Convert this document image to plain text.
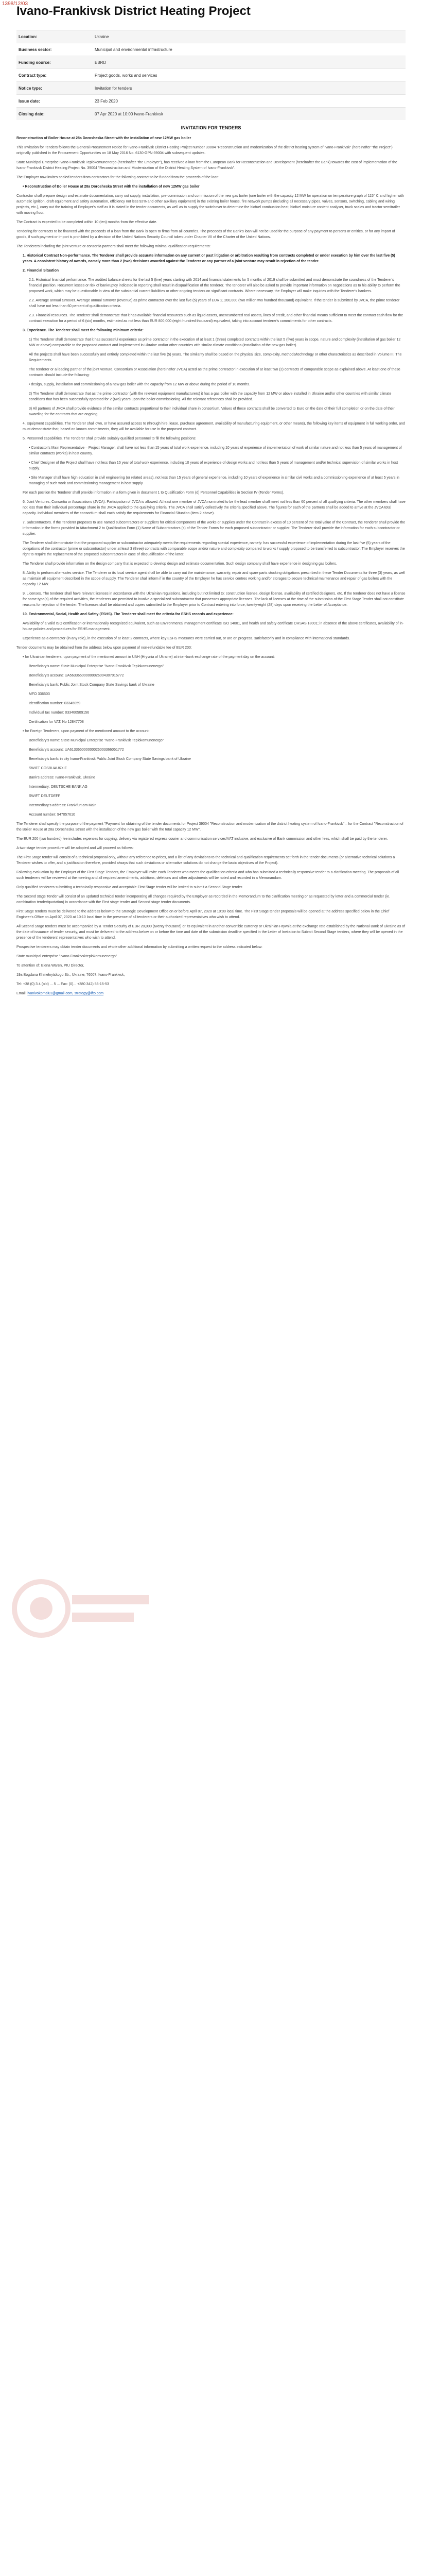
1398/12/03
Ivano-Frankivsk District Heating Project
Location:	Ukraine
Business sector:	Municipal and environmental infrastructure
Funding source:	EBRD
Contract type:	Project goods, works and services
Notice type:	Invitation for tenders
Issue date:	23 Feb 2020
Closing date:	07 Apr 2020 at 10:00 Ivano-Frankivsk
INVITATION FOR TENDERS

Reconstruction of Boiler House at 28a Dorosheska Street with the installation of new 12MW gas boiler

This Invitation for Tenders follows the General Procurement Notice for Ivano-Frankivsk District Heating Project number 39004 "Reconstruction and modernization of the district heating system of Ivano-Frankivsk" (hereinafter "the Project") originally published in the Procurement Opportunities on 18 May 2016 No. 6130-GPN-39004 with subsequent updates.

State Municipal Enterprise Ivano-Frankivsk Teplokomunenergo (hereinafter "the Employer"), has received a loan from the European Bank for Reconstruction and Development (hereinafter the Bank) towards the cost of implementation of the Ivano-Frankivsk District Heating Project No. 39004 "Reconstruction and Modernization of the District Heating System of Ivano-Frankivsk".

The Employer now invites sealed tenders from contractors for the following contract to be funded from the proceeds of the loan:

• Reconstruction of Boiler House at 28a Dorosheska Street with the installation of new 12MW gas boiler

Contractor shall prepare design and estimate documentation, carry out supply, installation, pre-commission and commission of the new gas boiler (one boiler with the capacity 12 MW for operation on temperature graph of 115° C and higher with automatic ignition, draft equipment and safety automation, efficiency not less 92% and other auxiliary equipment) in the existing boiler house, fire network pumps (including all necessary pipes, valves, sensors, switching, cabling and wiring projects, etc.), carry out the training of Employer's staff as it is stated in the tender documents, as well as to supply the switchover to determine the biofuel combustion heat, biofuel moisture content analyser, truck scales and tractor semitrailer with moving floor.

The Contract is expected to be completed within 10 (ten) months from the effective date.

Tendering for contracts to be financed with the proceeds of a loan from the Bank is open to firms from all countries. The proceeds of the Bank's loan will not be used for the purpose of any payment to persons or entities, or for any import of goods, if such payment or import is prohibited by a decision of the United Nations Security Council taken under Chapter VII of the Charter of the United Nations.

The Tenderers including the joint venture or consortia partners shall meet the following minimal qualification requirements:

1. Historical Contract Non-performance. The Tenderer shall provide accurate information on any current or past litigation or arbitration resulting from contracts completed or under execution by him over the last five (5) years. A consistent history of awards, namely more than 2 (two) decisions awarded against the Tenderer or any partner of a joint venture may result in rejection of the tender.

2. Financial Situation

2.1. Historical financial performance. The audited balance sheets for the last 5 (five) years starting with 2014 and financial statements for 5 months of 2019 shall be submitted and must demonstrate the soundness of the Tenderer's financial position. Recurrent losses or risk of bankruptcy indicated in reporting shall result in disqualification of the tenderer. The tenderer will also be asked to provide important information on negotiations as to his ability to perform the proposed work, which may be questionable in view of the substantial current liabilities or other ongoing tenders on significant contracts. Where necessary, the Employer will make inquiries with the Tenderer's bankers.

2.2. Average annual turnover. Average annual turnover (revenue) as prime contractor over the last five (5) years of EUR 2, 200,000 (two million two hundred thousand) equivalent. If the tender is submitted by JVCA, the prime tenderer shall have not less than 60 percent of qualification criteria.

2.3. Financial resources. The Tenderer shall demonstrate that it has available financial resources such as liquid assets, unencumbered real assets, lines of credit, and other financial means sufficient to meet the contract cash flow for the contract execution for a period of 6 (six) months, estimated as not less than EUR 800,000 (eight hundred thousand) equivalent, taking into account tenderer's commitments for other contracts.

3. Experience. The Tenderer shall meet the following minimum criteria:

1) The Tenderer shall demonstrate that it has successful experience as prime contractor in the execution of at least 1 (three) completed contracts within the last 5 (five) years in scope, nature and complexity (installation of gas boiler 12 MW or above) comparable to the proposed contract and implemented in Ukraine and/or other countries with similar climate conditions (installation of the new gas boiler).

All the projects shall have been successfully and entirely completed within the last five (5) years. The similarity shall be based on the physical size, complexity, methods/technology or other characteristics as described in Volume III, The Requirements.

The tenderer or a leading partner of the joint venture, Consortium or Association (hereinafter JVCA) acted as the prime contractor in execution of at least two (2) contracts of comparable scope as explained above. At least one of these contracts should include the following:

• design, supply, installation and commissioning of a new gas boiler with the capacity from 12 MW or above during the period of 10 months.

2) The Tenderer shall demonstrate that as the prime contractor (with the relevant equipment manufacturers) it has a gas boiler with the capacity from 12 MW or above installed in Ukraine and/or other countries with similar climate conditions that has been successfully operated for 2 (two) years upon the boiler commissioning. All the relevant references shall be provided.

3) All partners of JVCA shall provide evidence of the similar contracts proportional to their individual share in consortium. Values of these contracts shall be converted to Euro on the date of their full completion or on the date of their awarding for the contracts that are ongoing.

4. Equipment capabilities. The Tenderer shall own, or have assured access to (through hire, lease, purchase agreement, availability of manufacturing equipment, or other means), the following key items of equipment in full working order, and must demonstrate that, based on known commitments, they will be available for use in the proposed contract.

5. Personnel capabilities. The Tenderer shall provide suitably qualified personnel to fill the following positions:

• Contractor's Main Representative – Project Manager, shall have not less than 15 years of total work experience, including 10 years of experience of implementation of work of similar nature and not less than 5 years of management of similar contracts (works) in host country.

• Chief Designer of the Project shall have not less than 15 year of total work experience, including 10 years of experience of design works and not less than 5 years of management and/or technical supervision of similar works in host supply.

• Site Manager shall have high education in civil engineering (or related areas), not less than 15 years of general experience, including 10 years of experience in similar civil works and a commissioning experience of at least 5 years in managing of such work and commissioning management in host supply.

For each position the Tenderer shall provide information in a form given in document 1 to Qualification Form (d) Personnel Capabilities in Section IV (Tender Forms).

6. Joint Ventures, Consortia or Associations (JVCA). Participation of JVCA is allowed. At least one member of JVCA nominated to be the lead member shall meet not less than 60 percent of all qualifying criteria. The other members shall have not less than their individual percentage share in the JVCA applied to the qualifying criteria. The JVCA shall satisfy collectively the criteria specified above. The figures for each of the partners shall be added to arrive at the JVCA total capacity. Individual members of the consortium shall each satisfy the requirements for Financial Situation (item 2 above).

7. Subcontractors. If the Tenderer proposes to use named subcontractors or suppliers for critical components of the works or supplies under the Contract in excess of 10 percent of the total value of the Contract, the Tenderer shall provide the information in the forms provided in Attachment 2 to Qualification Form (1) Name of Subcontractors (s) of the Tender Forms for each proposed subcontractor or supplier. The Tenderer shall provide the information for each subcontractor or supplier.

The Tenderer shall demonstrate that the proposed supplier or subcontractor adequately meets the requirements regarding special experience, namely: has successful experience of implementation during the last five (5) years of the obligations of the contractor (prime or subcontractor) under at least 3 (three) contracts with comparable scope and/or nature and complexity compared to works / supply proposed to be transferred to subcontractor. The Employer reserves the right to require the replacement of the proposed subcontractors in case of disqualification of the latter.

The Tenderer shall provide information on the design company that is expected to develop design and estimate documentation. Such design company shall have experience in designing gas boilers.

8. Ability to perform after-sales service. The Tenderer or its local service agent shall be able to carry out the maintenance, warranty, repair and spare parts stocking obligations prescribed in these Tender Documents for three (3) years, as well as maintain all equipment described in the scope of supply. The Tenderer shall inform if in the country of the Employer he has service centres working and/or storages to secure technical maintenance and repair of gas boilers with the capacity 12 MW.

9. Licenses. The tenderer shall have relevant licenses in accordance with the Ukrainian regulations, including but not limited to: construction license, design license, availability of certified designers, etc. If the tenderer does not have a license for some type(s) of the required activities, the tenderers are permitted to involve a specialized subcontractor that possesses appropriate licenses. The lack of licenses at the time of the submission of the First Stage Tender shall not constitute reasons for rejection of the tender. The licenses shall be obtained and copies submitted to the Employer prior to Contract entering into force, twenty-eight (28) days upon receiving the Letter of Acceptance.

10. Environmental, Social, Health and Safety (ESHS). The Tenderer shall meet the criteria for ESHS records and experience:

Availability of a valid ISO certification or internationally recognized equivalent, such as Environmental management certificate ISO 14001, and health and safety certificate OHSAS 18001; in absence of the above certificates, availability of in-house policies and procedures for ESHS management.

Experience as a contractor (in any role), in the execution of at least 2 contracts, where key ESHS measures were carried out, or are on progress, satisfactorily and in compliance with international standards.

Tender documents may be obtained from the address below upon payment of non-refundable fee of EUR 200:

• for Ukrainian tenderers, upon payment of the mentioned amount in UAH (Hryvnia of Ukraine) at inter-bank exchange rate of the payment day on the account:

Beneficiary's name: State Municipal Enterprise "Ivano-Frankivsk Teplokomunenergo"

Beneficiary's account: UA563365000000026004307015772

Beneficiary's bank: Public Joint Stock Company State Savings bank of Ukraine

MFO 336503

Identification number: 03346059

Individual tax number: 033460509156

Certification for VAT: No 12847708

• for Foreign Tenderers, upon payment of the mentioned amount to the account:

Beneficiary's name: State Municipal Enterprise "Ivano-Frankivsk Teplokomunenergo"

Beneficiary's account: UA613365000000026003366051772

Beneficiary's bank: in city Ivano-Frankivsk Public Joint Stock Company State Savings bank of Ukraine

SWIFT COSBUAUKXIF

Bank's address: Ivano-Frankivsk, Ukraine

Intermediary: DEUTSCHE BANK AG

SWIFT DEUTDEFF

Intermediary's address: Frankfurt am Main

Account number: 947057610

The Tenderer shall specify the purpose of the payment "Payment for obtaining of the tender documents for Project 39004 "Reconstruction and modernization of the district heating system of Ivano-Frankivsk" – for the Contract "Reconstruction of the Boiler House at 28a Dorosheska Street with the installation of the new gas boiler with the total capacity 12 MW".

The EUR 200 (two hundred) fee includes expenses for copying, delivery via registered express courier and communication services/VAT inclusive, and exclusive of Bank commission and other fees, which shall be paid by the tenderer.

A two-stage tender procedure will be adopted and will proceed as follows:

The First Stage tender will consist of a technical proposal only, without any reference to prices, and a list of any deviations to the technical and qualification requirements set forth in the tender documents (or alternative technical solutions a Tenderer wishes to offer, and a justification therefore, provided always that such deviations or alternative solutions do not change the basic objectives of the Project).

Following evaluation by the Employer of the First Stage Tenders, the Employer will invite each Tenderer who meets the qualification criteria and who has submitted a technically responsive tender to a clarification meeting. The proposals of all such tenderers will be reviewed at the meeting and all required amendments, additions, deletions and other adjustments will be noted and recorded in a Memorandum.

Only qualified tenderers submitting a technically responsive and acceptable First Stage tender will be invited to submit a Second Stage tender.

The Second stage Tender will consist of an updated technical tender incorporating all changes required by the Employer as recorded in the Memorandum to the clarification meeting or as requested by letter and a commercial tender (ie. combination tender/quotation) in accordance with the First stage tender and Second stage tender documents.

First Stage tenders must be delivered to the address below to the Strategic Development Office on or before April 07, 2020 at 10:00 local time. The First Stage tender proposals will be opened at the address specified below in the Chief Engineer's Office on April 07, 2020 at 10:10 local time in the presence of all tenderers or their authorized representatives who wish to attend.

All Second Stage tenders must be accompanied by a Tender Security of EUR 20,000 (twenty thousand) or its equivalent in another convertible currency or Ukrainian Hryvnia at the exchange rate established by the National Bank of Ukraine as of the date of issuance of tender security, and must be delivered to the address below on or before the time and date of the submission deadline specified in the Letter of Invitation to Submit Second Stage tenders, where they will be opened in the presence of the tenderers' representatives who wish to attend.

Prospective tenderers may obtain tender documents and whole other additional information by submitting a written request to the address indicated below:

State municipal enterprise "Ivano-Frankivskteplokomunenergo"

To attention of: Elena Waren, PIU Director,

19a Bogdana Khmelnytskogo Str., Ukraine, 76007, Ivano-Frankivsk,

Tel: +38 (0) 3 4 (old) ... 5 ... Fax: (0)... +380 342) 56-15-53

Email: ivanivokomal01@gmail.com, strategy@ifto.com
